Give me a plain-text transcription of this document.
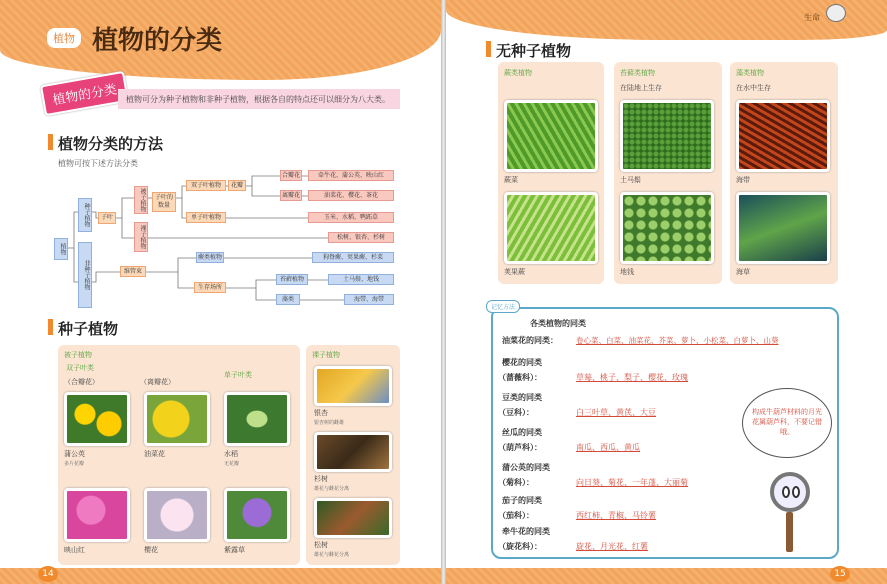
植物 植物的分类
植物的分类 植物可分为种子植物和非种子植物，根据各自的特点还可以细分为八大类。
植物分类的方法
植物可按下述方法分类
植物
种子植物
非种子植物
子叶
被子植物
裸子植物
子叶的数量
双子叶植物
单子叶植物
花瓣
合瓣花
离瓣花
牵牛花、蒲公英、映山红
油菜花、樱花、茶花
玉米、水稻、鸭跖草
松树、银杏、杉树
维管束
蕨类植物	狗脊蕨、荚果蕨、杉菜
生存场所
苔藓植物
藻类
土马鬃、地钱
海带、海带
种子植物
被子植物
双子叶类
单子叶类
（合瓣花）	（离瓣花）
蒲公英
多片花瓣
油菜花	水稻
无花瓣
映山红	樱花	紫露草
裸子植物
银杏
银杏树的雌雄
杉树
雄花与雌花分离
松树
雄花与雌花分离
14
生命
无种子植物
蕨类植物	苔藓类植物
在陆地上生存
藻类植物
在水中生存
蕨菜	土马鬃	海带
荚果蕨	地钱	海草
15
记忆方法
各类植物的同类
油菜花的同类： 卷心菜、白菜、油菜花、芥菜、萝卜、小松菜、白萝卜、山葵
樱花的同类
（蔷薇科）：	草莓、桃子、梨子、樱花、玫瑰
豆类的同类
（豆科）：	白三叶草、黄芪、大豆
丝瓜的同类
（葫芦科）：	南瓜、西瓜、黄瓜
蒲公英的同类
（菊科）：	向日葵、菊花、一年蓬、大丽菊
茄子的同类
（茄科）：	西红柿、青椒、马铃薯
牵牛花的同类
（旋花科）：	旋花、月光花、红薯
构成牛葫芦材料的月光花属葫芦科，不要记错哦。
